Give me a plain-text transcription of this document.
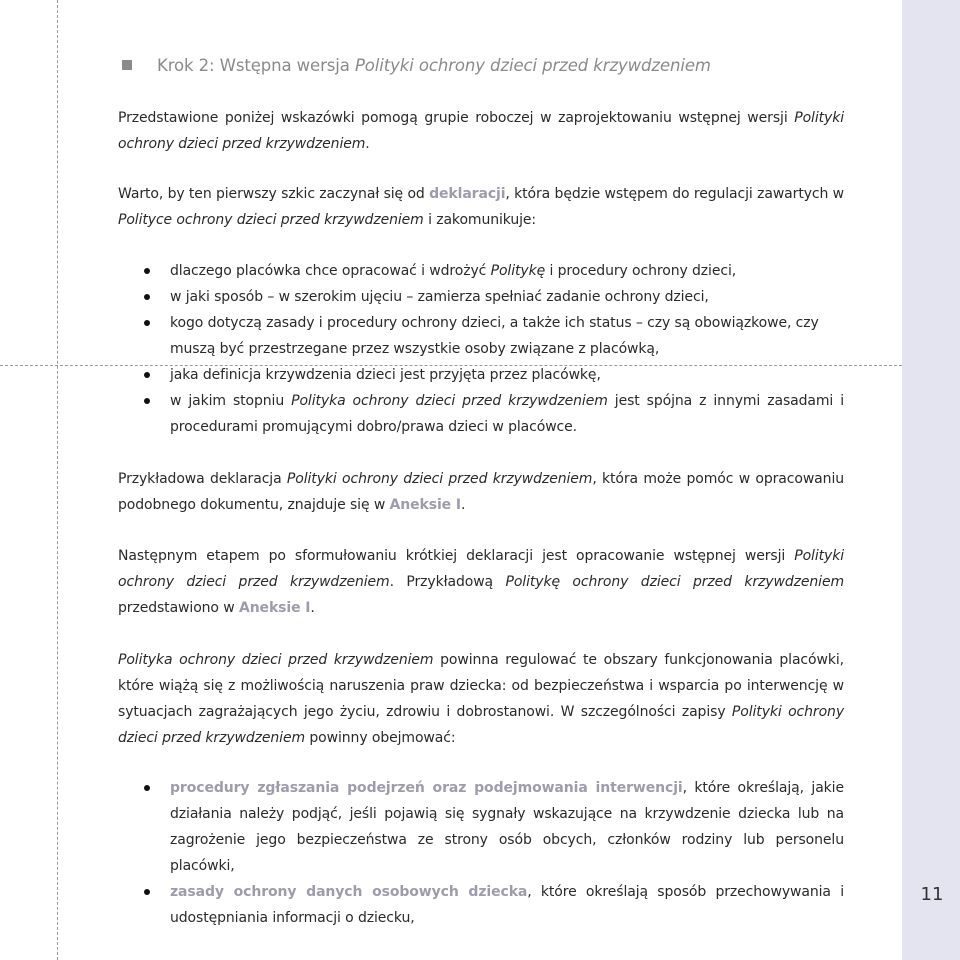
Krok 2: Wstępna wersja Polityki ochrony dzieci przed krzywdzeniem

Przedstawione poniżej wskazówki pomogą grupie roboczej w zaprojektowaniu wstępnej wersji Polityki ochrony dzieci przed krzywdzeniem.

Warto, by ten pierwszy szkic zaczynał się od deklaracji, która będzie wstępem do regulacji zawartych w Polityce ochrony dzieci przed krzywdzeniem i zakomunikuje:

dlaczego placówka chce opracować i wdrożyć Politykę i procedury ochrony dzieci,
w jaki sposób – w szerokim ujęciu – zamierza spełniać zadanie ochrony dzieci,
kogo dotyczą zasady i procedury ochrony dzieci, a także ich status – czy są obowiązkowe, czy muszą być przestrzegane przez wszystkie osoby związane z placówką,
jaka definicja krzywdzenia dzieci jest przyjęta przez placówkę,
w jakim stopniu Polityka ochrony dzieci przed krzywdzeniem jest spójna z innymi zasadami i procedurami promującymi dobro/prawa dzieci w placówce.

Przykładowa deklaracja Polityki ochrony dzieci przed krzywdzeniem, która może pomóc w opracowaniu podobnego dokumentu, znajduje się w Aneksie I.

Następnym etapem po sformułowaniu krótkiej deklaracji jest opracowanie wstępnej wersji Polityki ochrony dzieci przed krzywdzeniem. Przykładową Politykę ochrony dzieci przed krzywdzeniem przedstawiono w Aneksie I.

Polityka ochrony dzieci przed krzywdzeniem powinna regulować te obszary funkcjonowania placówki, które wiążą się z możliwością naruszenia praw dziecka: od bezpieczeństwa i wsparcia po interwencję w sytuacjach zagrażających jego życiu, zdrowiu i dobrostanowi. W szczególności zapisy Polityki ochrony dzieci przed krzywdzeniem powinny obejmować:

procedury zgłaszania podejrzeń oraz podejmowania interwencji, które określają, jakie działania należy podjąć, jeśli pojawią się sygnały wskazujące na krzywdzenie dziecka lub na zagrożenie jego bezpieczeństwa ze strony osób obcych, członków rodziny lub personelu placówki,
zasady ochrony danych osobowych dziecka, które określają sposób przechowywania i udostępniania informacji o dziecku,
11
